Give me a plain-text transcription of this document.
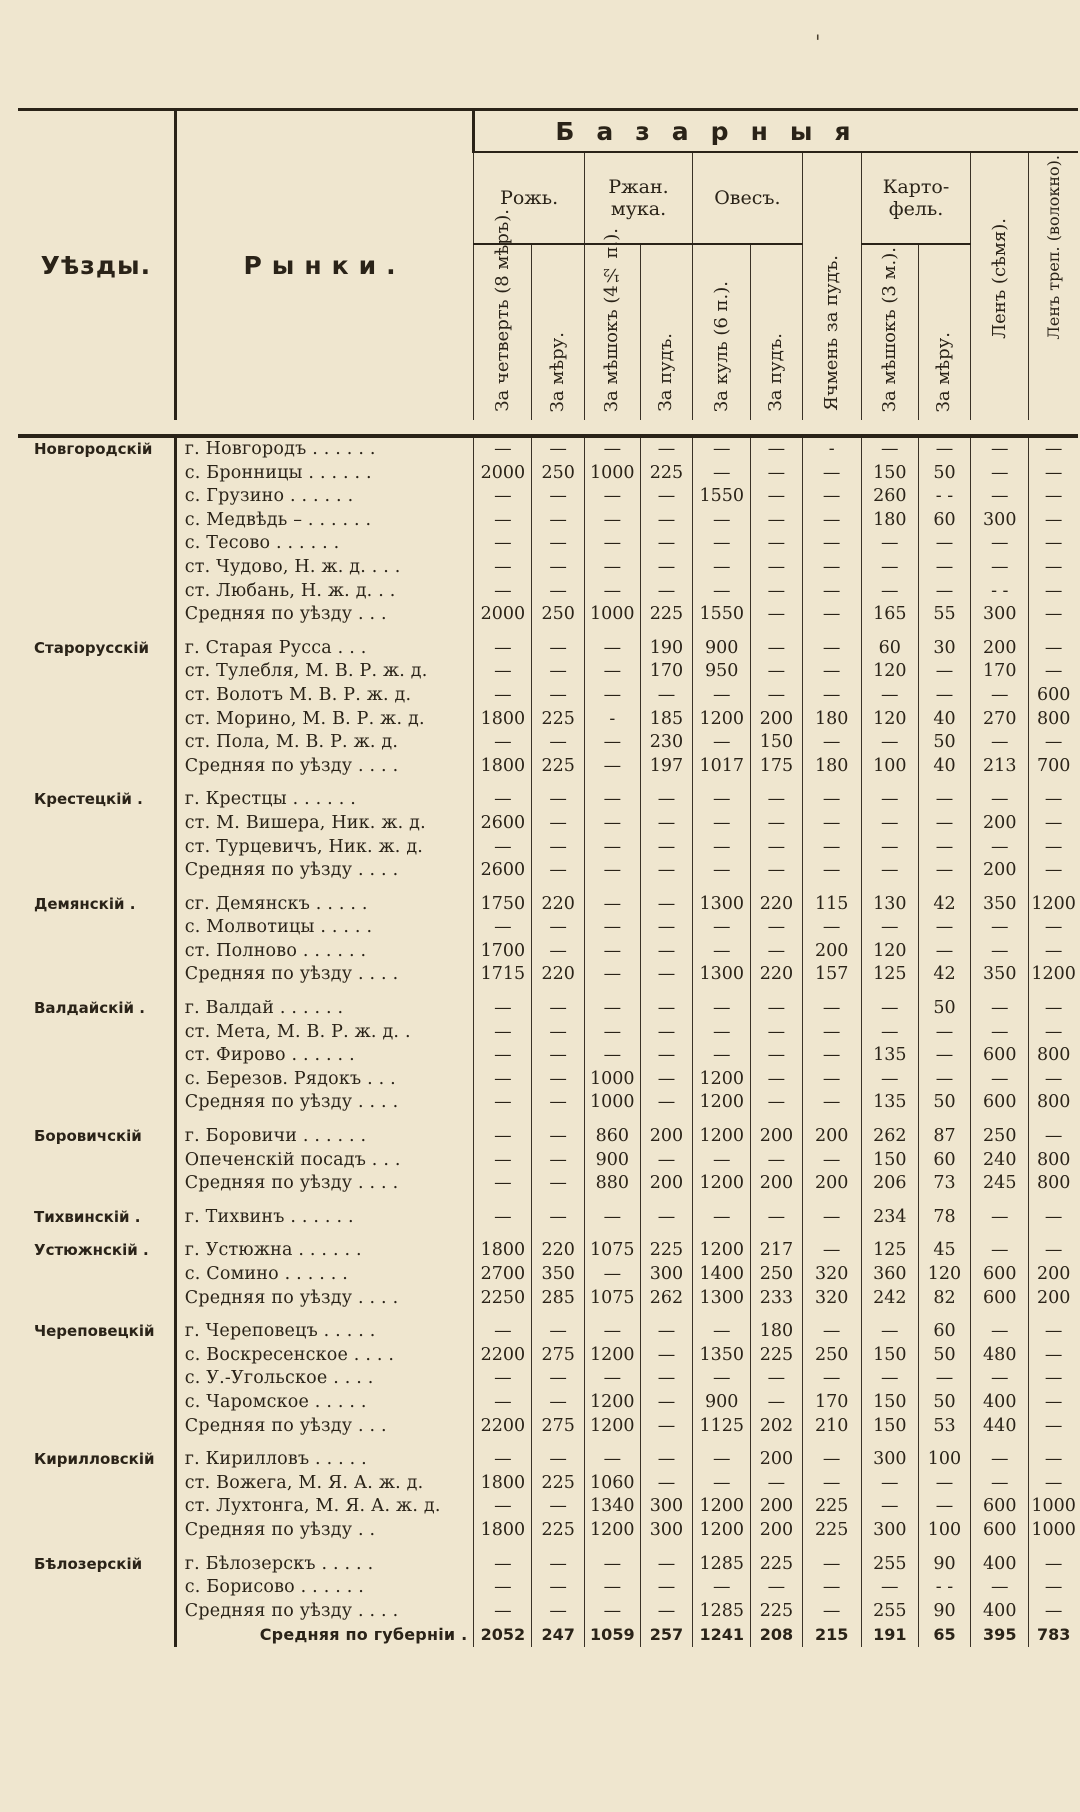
'
Уѣзды.	Рынки.	Базарныя										
		Рожь.		Ржан. мука.		Овесъ.		Ячмень за пудъ.	Карто- фель.		Ленъ (сѣмя).	Ленъ треп. (волокно).

		За четверть (8 мѣръ).	За мѣру.	За мѣшокъ (4½ п.).	За пудъ.	За куль (6 п.).	За пудъ.		За мѣшокъ (3 м.).	За мѣру.		

Новгородскій	г. Новгородъ . . . . . .	—	—	—	—	—	—	-	—	—	—	—
	с. Бронницы . . . . . .	2000	250	1000	225	—	—	—	150	50	—	—
	с. Грузино . . . . . .	—	—	—	—	1550	—	—	260	- -	—	—
	с. Медвѣдь – . . . . . .	—	—	—	—	—	—	—	180	60	300	—
	с. Тесово . . . . . .	—	—	—	—	—	—	—	—	—	—	—
	ст. Чудово, Н. ж. д. . . .	—	—	—	—	—	—	—	—	—	—	—
	ст. Любань, Н. ж. д. . .	—	—	—	—	—	—	—	—	—	- -	—
	Средняя по уѣзду . . .	2000	250	1000	225	1550	—	—	165	55	300	—

Старорусскій	г. Старая Русса . . .	—	—	—	190	900	—	—	60	30	200	—
	ст. Тулебля, М. В. Р. ж. д.	—	—	—	170	950	—	—	120	—	170	—
	ст. Волотъ М. В. Р. ж. д.	—	—	—	—	—	—	—	—	—	—	600
	ст. Морино, М. В. Р. ж. д.	1800	225	-	185	1200	200	180	120	40	270	800
	ст. Пола, М. В. Р. ж. д.	—	—	—	230	—	150	—	—	50	—	—
	Средняя по уѣзду . . . .	1800	225	—	197	1017	175	180	100	40	213	700

Крестецкій .	г. Крестцы . . . . . .	—	—	—	—	—	—	—	—	—	—	—
	ст. М. Вишера, Ник. ж. д.	2600	—	—	—	—	—	—	—	—	200	—
	ст. Турцевичъ, Ник. ж. д.	—	—	—	—	—	—	—	—	—	—	—
	Средняя по уѣзду . . . .	2600	—	—	—	—	—	—	—	—	200	—

Демянскій .	сг. Демянскъ . . . . .	1750	220	—	—	1300	220	115	130	42	350	1200
	с. Молвотицы . . . . .	—	—	—	—	—	—	—	—	—	—	—
	ст. Полново . . . . . .	1700	—	—	—	—	—	200	120	—	—	—
	Средняя по уѣзду . . . .	1715	220	—	—	1300	220	157	125	42	350	1200

Валдайскій .	г. Валдай . . . . . .	—	—	—	—	—	—	—	—	50	—	—
	ст. Мета, М. В. Р. ж. д. .	—	—	—	—	—	—	—	—	—	—	—
	ст. Фирово . . . . . .	—	—	—	—	—	—	—	135	—	600	800
	с. Березов. Рядокъ . . .	—	—	1000	—	1200	—	—	—	—	—	—
	Средняя по уѣзду . . . .	—	—	1000	—	1200	—	—	135	50	600	800

Боровичскій	г. Боровичи . . . . . .	—	—	860	200	1200	200	200	262	87	250	—
	Опеченскій посадъ . . .	—	—	900	—	—	—	—	150	60	240	800
	Средняя по уѣзду . . . .	—	—	880	200	1200	200	200	206	73	245	800

Тихвинскій .	г. Тихвинъ . . . . . .	—	—	—	—	—	—	—	234	78	—	—

Устюжнскій .	г. Устюжна . . . . . .	1800	220	1075	225	1200	217	—	125	45	—	—
	с. Сомино . . . . . .	2700	350	—	300	1400	250	320	360	120	600	200
	Средняя по уѣзду . . . .	2250	285	1075	262	1300	233	320	242	82	600	200

Череповецкій	г. Череповецъ . . . . .	—	—	—	—	—	180	—	—	60	—	—
	с. Воскресенское . . . .	2200	275	1200	—	1350	225	250	150	50	480	—
	с. У.-Угольское . . . .	—	—	—	—	—	—	—	—	—	—	—
	с. Чаромское . . . . .	—	—	1200	—	900	—	170	150	50	400	—
	Средняя по уѣзду . . .	2200	275	1200	—	1125	202	210	150	53	440	—

Кирилловскій	г. Кирилловъ . . . . .	—	—	—	—	—	200	—	300	100	—	—
	ст. Вожега, М. Я. А. ж. д.	1800	225	1060	—	—	—	—	—	—	—	—
	ст. Лухтонга, М. Я. А. ж. д.	—	—	1340	300	1200	200	225	—	—	600	1000
	Средняя по уѣзду . .	1800	225	1200	300	1200	200	225	300	100	600	1000

Бѣлозерскій	г. Бѣлозерскъ . . . . .	—	—	—	—	1285	225	—	255	90	400	—
	с. Борисово . . . . . .	—	—	—	—	—	—	—	—	- -	—	—
	Средняя по уѣзду . . . .	—	—	—	—	1285	225	—	255	90	400	—
	Средняя по губерніи .	2052	247	1059	257	1241	208	215	191	65	395	783
